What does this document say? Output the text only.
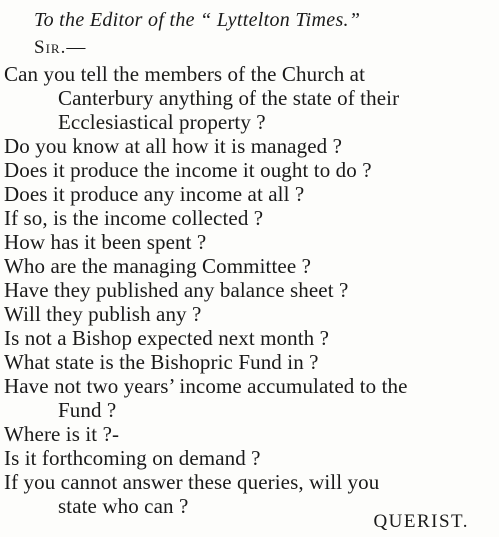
To the Editor of the “ Lyttelton Times.”
Sir.—
Can you tell the members of the Church at
Canterbury anything of the state of their
Ecclesiastical property ?
Do you know at all how it is managed ?
Does it produce the income it ought to do ?
Does it produce any income at all ?
If so, is the income collected ?
How has it been spent ?
Who are the managing Committee ?
Have they published any balance sheet ?
Will they publish any ?
Is not a Bishop expected next month ?
What state is the Bishopric Fund in ?
Have not two years’ income accumulated to the
Fund ?
Where is it ?-
Is it forthcoming on demand ?
If you cannot answer these queries, will you
state who can ?
QUERIST.
